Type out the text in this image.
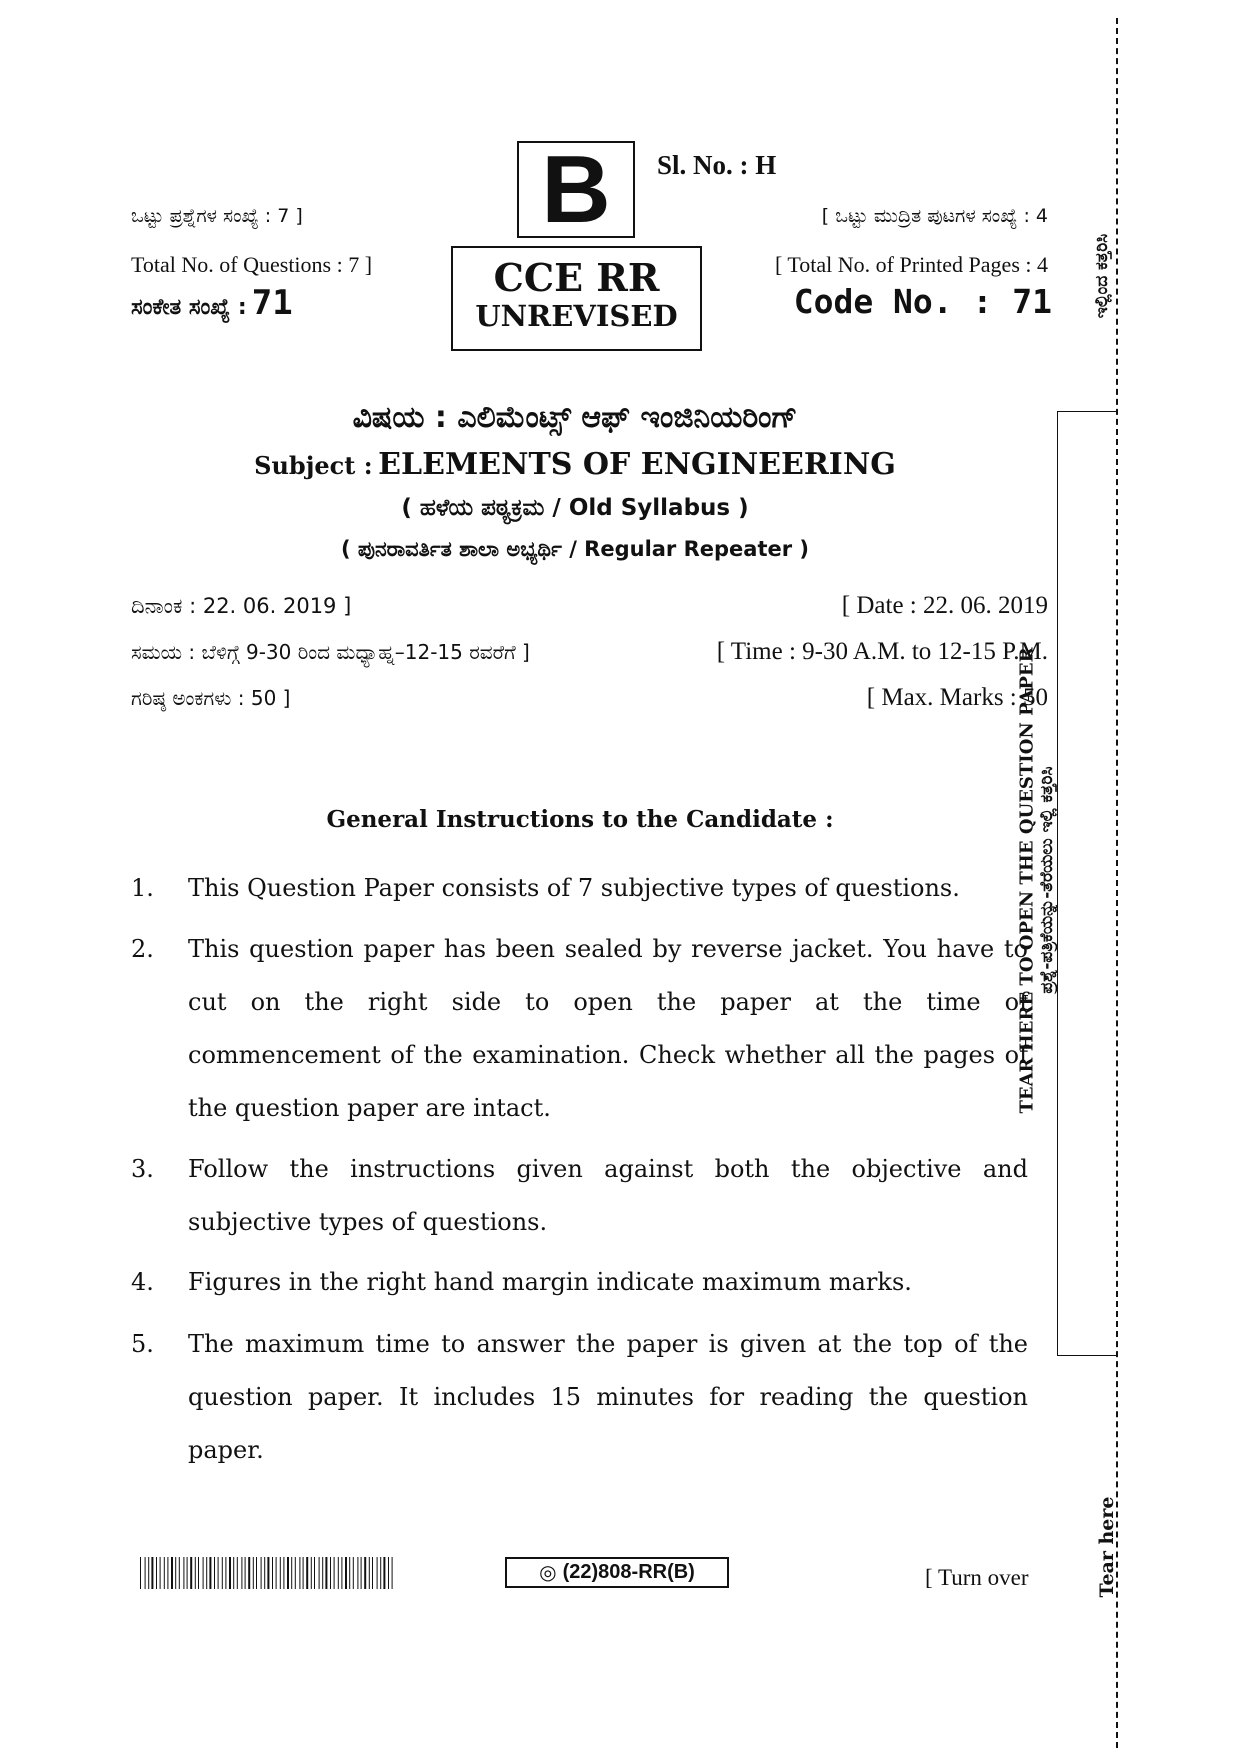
B Sl. No. : H
ಒಟ್ಟು ಪ್ರಶ್ನೆಗಳ ಸಂಖ್ಯೆ : 7 ]	[ ಒಟ್ಟು ಮುದ್ರಿತ ಪುಟಗಳ ಸಂಖ್ಯೆ : 4
Total No. of Questions : 7 ]	[ Total No. of Printed Pages : 4
ಸಂಕೇತ ಸಂಖ್ಯೆ : 71	Code No. : 71
CCE RR
UNREVISED
ವಿಷಯ : ಎಲಿಮೆಂಟ್ಸ್ ಆಫ್ ಇಂಜಿನಿಯರಿಂಗ್
Subject : ELEMENTS OF ENGINEERING
( ಹಳೆಯ ಪಠ್ಯಕ್ರಮ / Old Syllabus )
( ಪುನರಾವರ್ತಿತ ಶಾಲಾ ಅಭ್ಯರ್ಥಿ / Regular Repeater )
ದಿನಾಂಕ : 22. 06. 2019 ]	[ Date : 22. 06. 2019
ಸಮಯ : ಬೆಳಿಗ್ಗೆ 9-30 ರಿಂದ ಮಧ್ಯಾಹ್ನ–12-15 ರವರೆಗೆ ]	[ Time : 9-30 A.M. to 12-15 P.M.
ಗರಿಷ್ಠ ಅಂಕಗಳು : 50 ]	[ Max. Marks : 50
General Instructions to the Candidate :
1. This Question Paper consists of 7 subjective types of questions.
2. This question paper has been sealed by reverse jacket. You have to cut on the right side to open the paper at the time of commencement of the examination. Check whether all the pages of the question paper are intact.
3. Follow the instructions given against both the objective and subjective types of questions.
4. Figures in the right hand margin indicate maximum marks.
5. The maximum time to answer the paper is given at the top of the question paper. It includes 15 minutes for reading the question paper.
ಇಲ್ಲಿಂದ ಕತ್ತರಿಸಿ
TEAR HERE TO OPEN THE QUESTION PAPER ಪ್ರಶ್ನೆ-ಪತ್ರಿಕೆಯನ್ನು-ತೆರೆಯಲು ಇಲ್ಲಿ ಕತ್ತರಿಸಿ
Tear here
◎ (22)808-RR(B)	[ Turn over
